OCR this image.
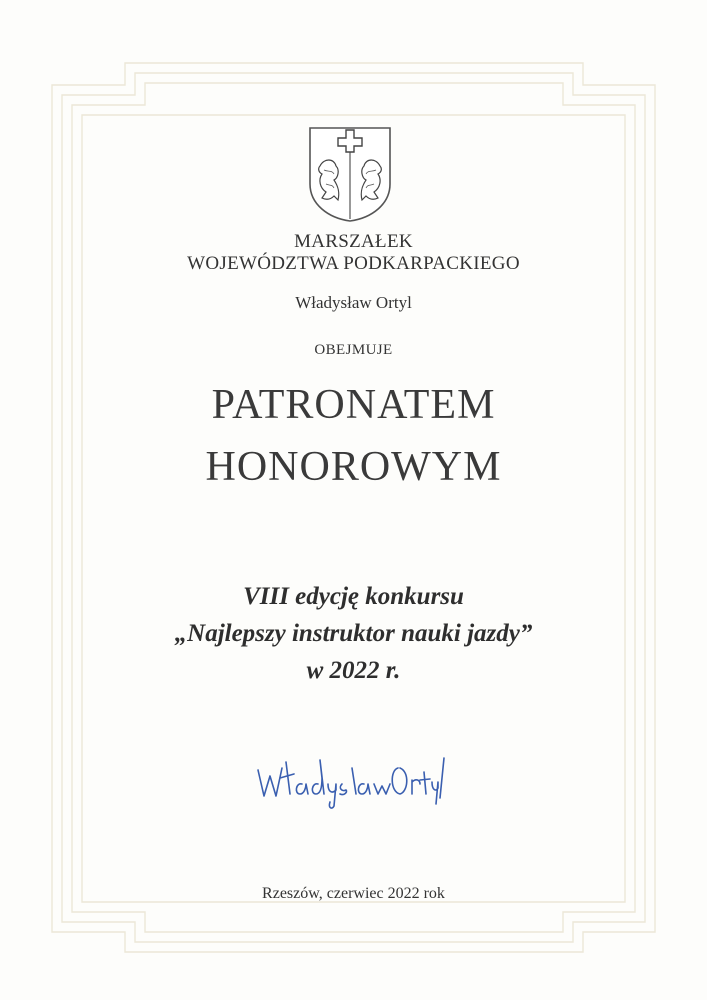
MARSZAŁEK
WOJEWÓDZTWA PODKARPACKIEGO
Władysław Ortyl
OBEJMUJE
PATRONATEM
HONOROWYM
VIII edycję konkursu
„Najlepszy instruktor nauki jazdy”
w 2022 r.
Rzeszów, czerwiec 2022 rok
